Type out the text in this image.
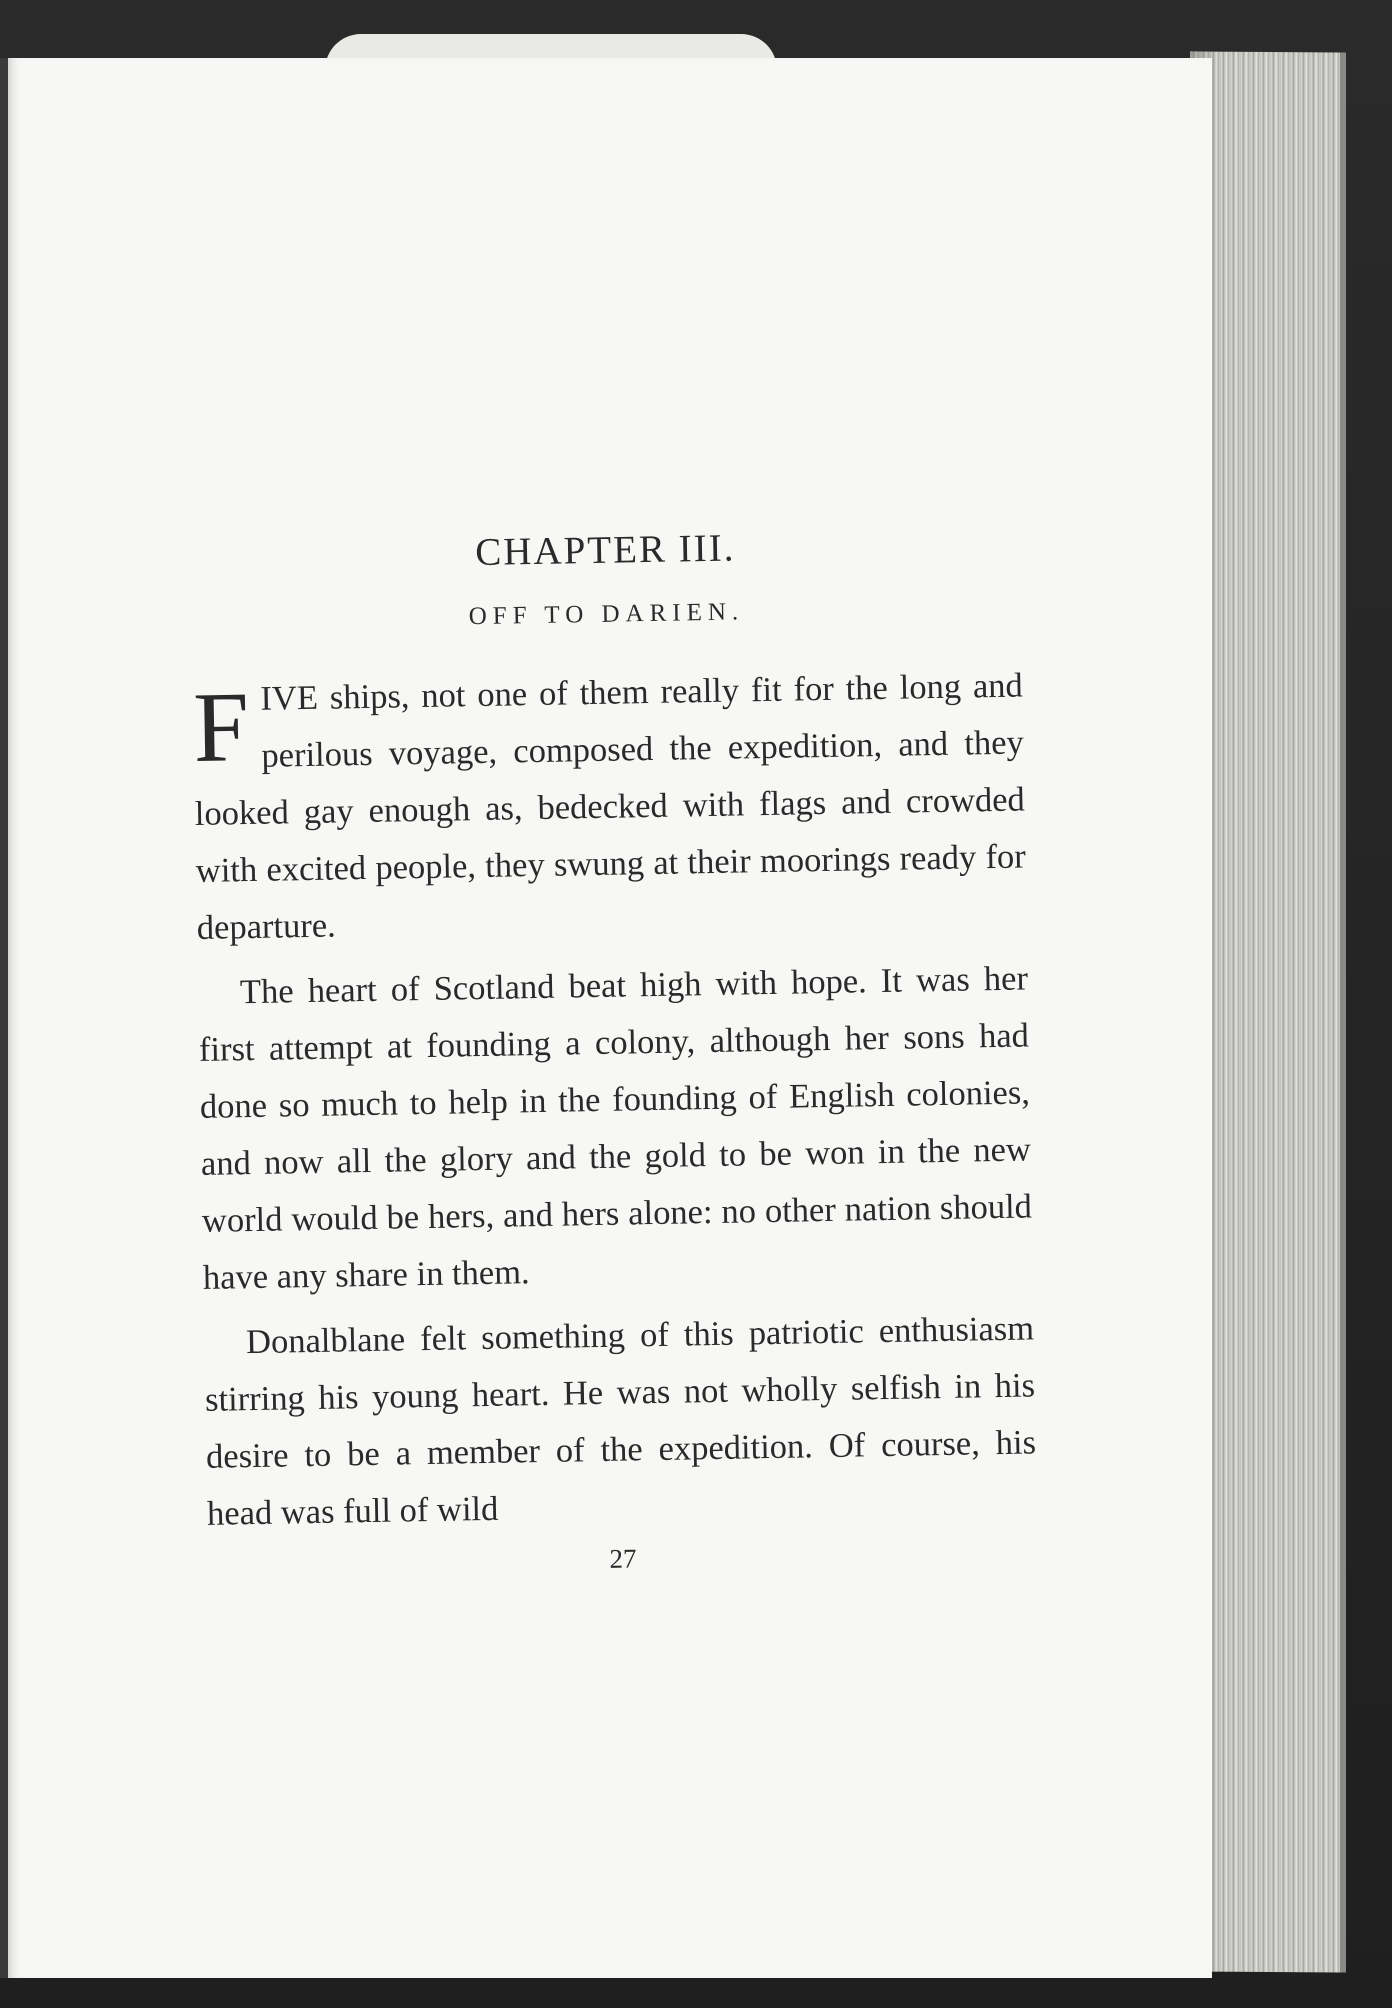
CHAPTER III.
OFF TO DARIEN.

FIVE ships, not one of them really fit for the long and perilous voyage, composed the expedition, and they looked gay enough as, bedecked with flags and crowded with excited people, they swung at their moorings ready for departure.

The heart of Scotland beat high with hope. It was her first attempt at founding a colony, although her sons had done so much to help in the founding of English colonies, and now all the glory and the gold to be won in the new world would be hers, and hers alone: no other nation should have any share in them.

Donalblane felt something of this patriotic enthusiasm stirring his young heart. He was not wholly selfish in his desire to be a member of the expedition. Of course, his head was full of wild

27
